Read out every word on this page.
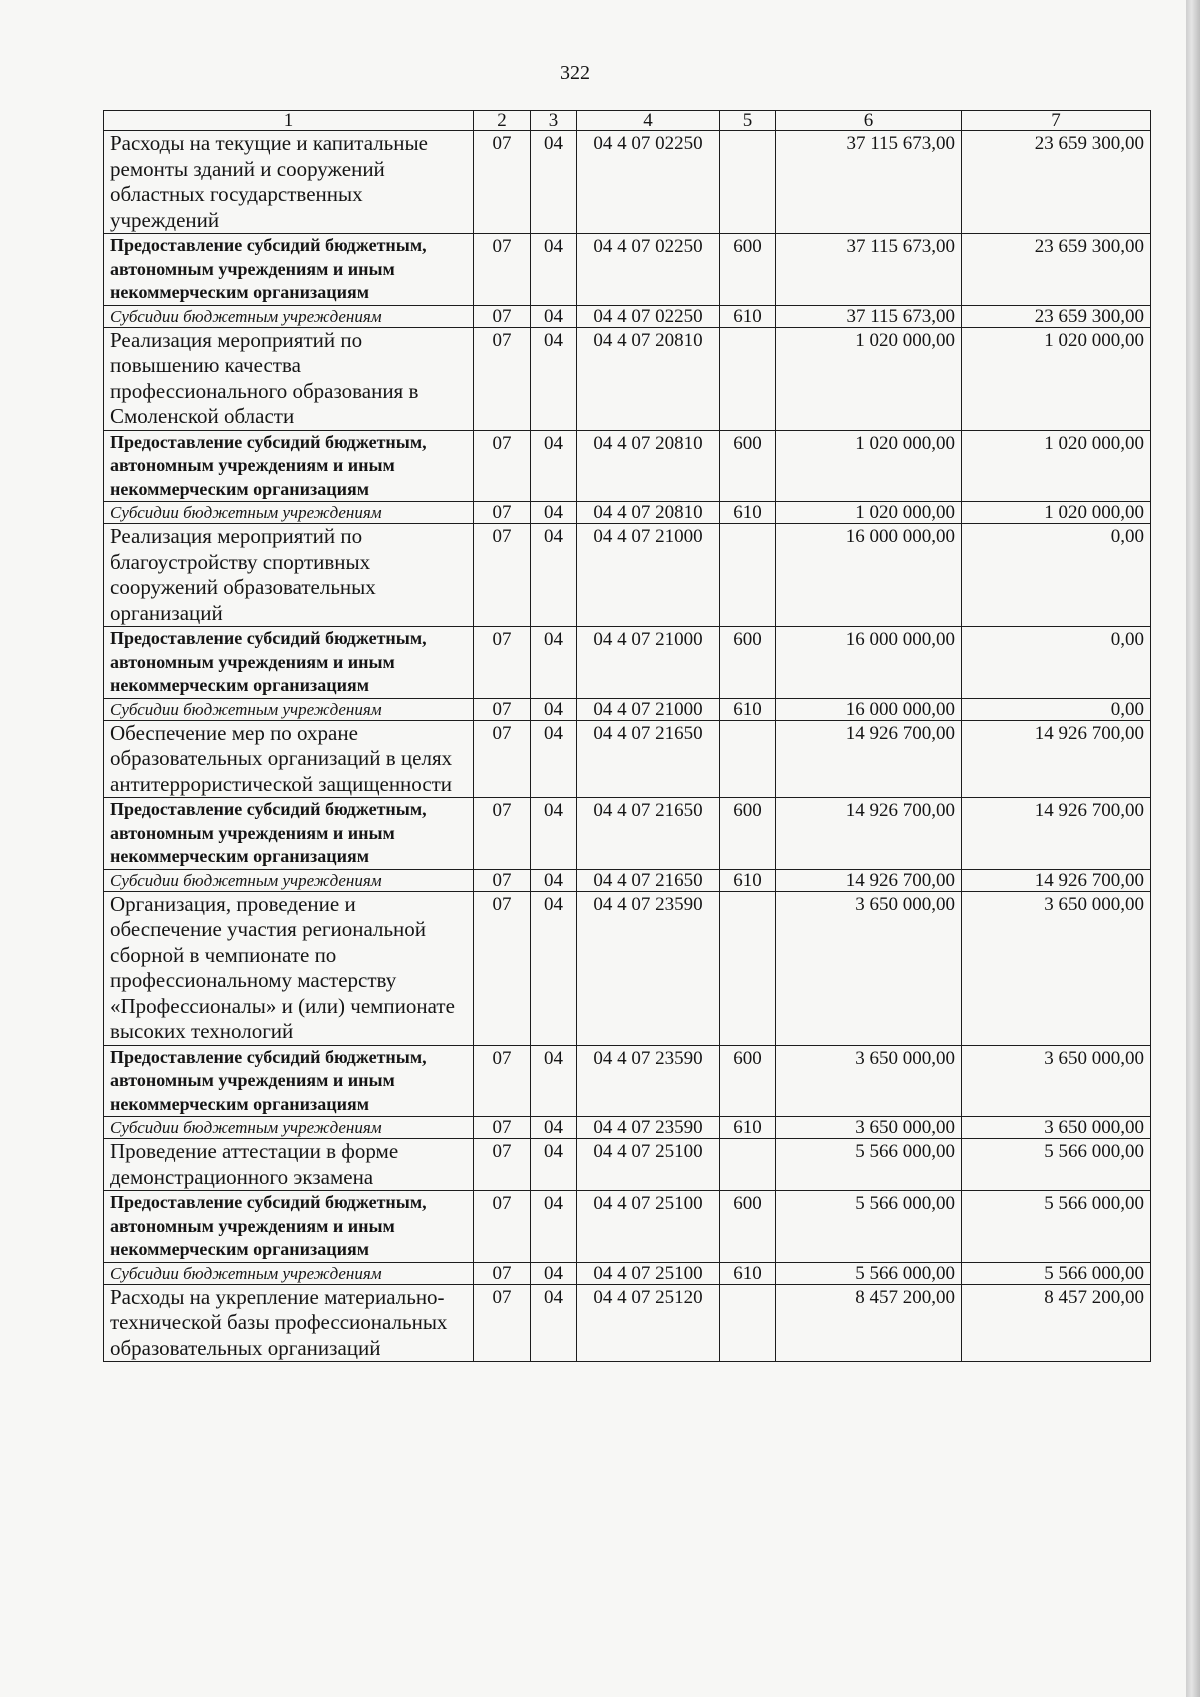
322
1	2	3	4	5	6	7
Расходы на текущие и капитальные ремонты зданий и сооружений областных государственных учреждений	07	04	04 4 07 02250		37 115 673,00	23 659 300,00
Предоставление субсидий бюджетным, автономным учреждениям и иным некоммерческим организациям	07	04	04 4 07 02250	600	37 115 673,00	23 659 300,00
Субсидии бюджетным учреждениям	07	04	04 4 07 02250	610	37 115 673,00	23 659 300,00
Реализация мероприятий по повышению качества профессионального образования в Смоленской области	07	04	04 4 07 20810		1 020 000,00	1 020 000,00
Предоставление субсидий бюджетным, автономным учреждениям и иным некоммерческим организациям	07	04	04 4 07 20810	600	1 020 000,00	1 020 000,00
Субсидии бюджетным учреждениям	07	04	04 4 07 20810	610	1 020 000,00	1 020 000,00
Реализация мероприятий по благоустройству спортивных сооружений образовательных организаций	07	04	04 4 07 21000		16 000 000,00	0,00
Предоставление субсидий бюджетным, автономным учреждениям и иным некоммерческим организациям	07	04	04 4 07 21000	600	16 000 000,00	0,00
Субсидии бюджетным учреждениям	07	04	04 4 07 21000	610	16 000 000,00	0,00
Обеспечение мер по охране образовательных организаций в целях антитеррористической защищенности	07	04	04 4 07 21650		14 926 700,00	14 926 700,00
Предоставление субсидий бюджетным, автономным учреждениям и иным некоммерческим организациям	07	04	04 4 07 21650	600	14 926 700,00	14 926 700,00
Субсидии бюджетным учреждениям	07	04	04 4 07 21650	610	14 926 700,00	14 926 700,00
Организация, проведение и обеспечение участия региональной сборной в чемпионате по профессиональному мастерству «Профессионалы» и (или) чемпионате высоких технологий	07	04	04 4 07 23590		3 650 000,00	3 650 000,00
Предоставление субсидий бюджетным, автономным учреждениям и иным некоммерческим организациям	07	04	04 4 07 23590	600	3 650 000,00	3 650 000,00
Субсидии бюджетным учреждениям	07	04	04 4 07 23590	610	3 650 000,00	3 650 000,00
Проведение аттестации в форме демонстрационного экзамена	07	04	04 4 07 25100		5 566 000,00	5 566 000,00
Предоставление субсидий бюджетным, автономным учреждениям и иным некоммерческим организациям	07	04	04 4 07 25100	600	5 566 000,00	5 566 000,00
Субсидии бюджетным учреждениям	07	04	04 4 07 25100	610	5 566 000,00	5 566 000,00
Расходы на укрепление материально-технической базы профессиональных образовательных организаций	07	04	04 4 07 25120		8 457 200,00	8 457 200,00
